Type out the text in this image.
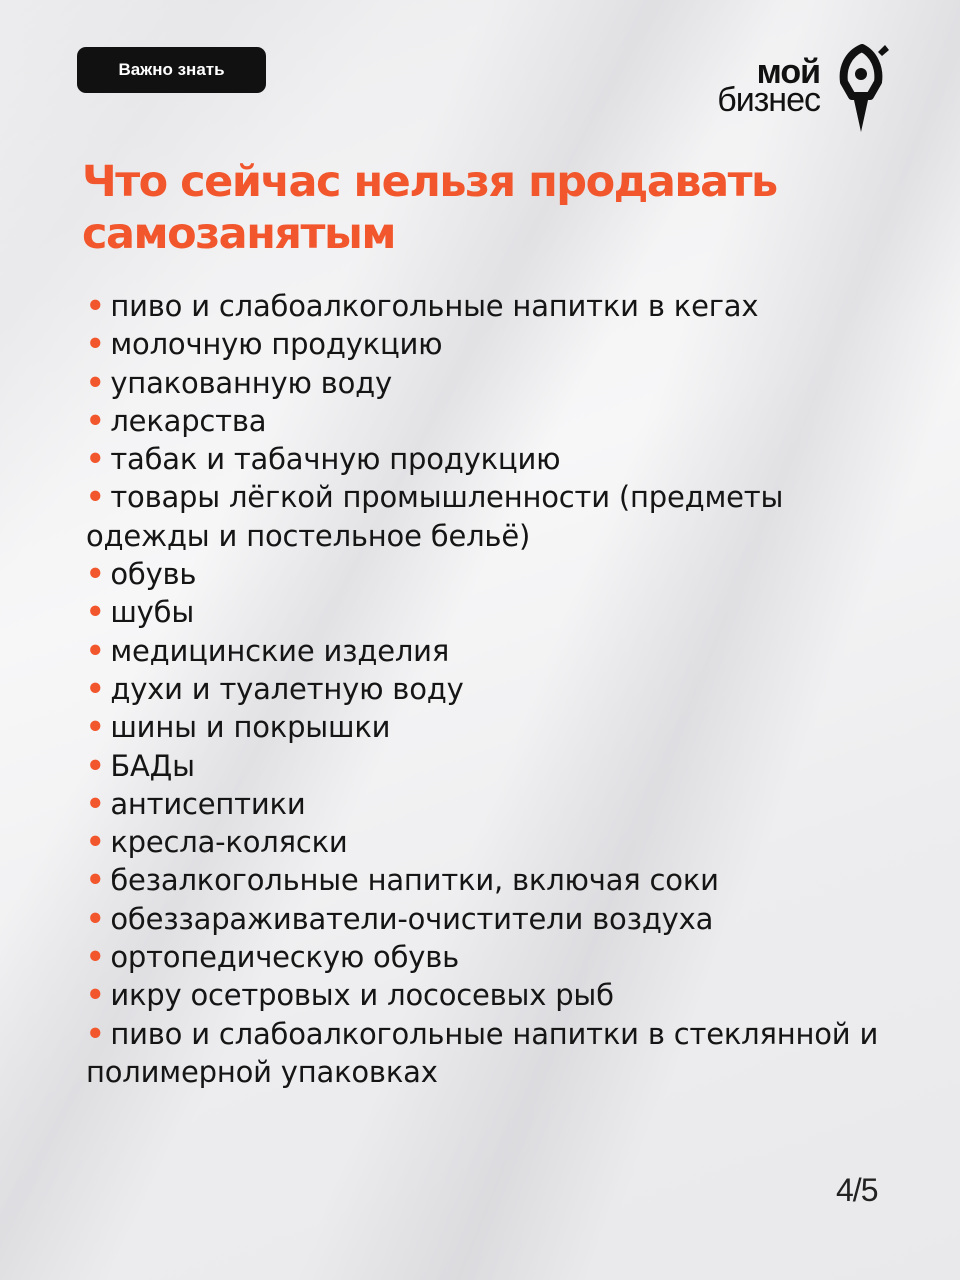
Важно знать	мой
бизнес
Что сейчас нельзя продавать самозанятым
• пиво и слабоалкогольные напитки в кегах
• молочную продукцию
• упакованную воду
• лекарства
• табак и табачную продукцию
• товары лёгкой промышленности (предметы одежды и постельное бельё)
• обувь
• шубы
• медицинские изделия
• духи и туалетную воду
• шины и покрышки
• БАДы
• антисептики
• кресла-коляски
• безалкогольные напитки, включая соки
• обеззараживатели-очистители воздуха
• ортопедическую обувь
• икру осетровых и лососевых рыб
• пиво и слабоалкогольные напитки в стеклянной и полимерной упаковках
4/5
